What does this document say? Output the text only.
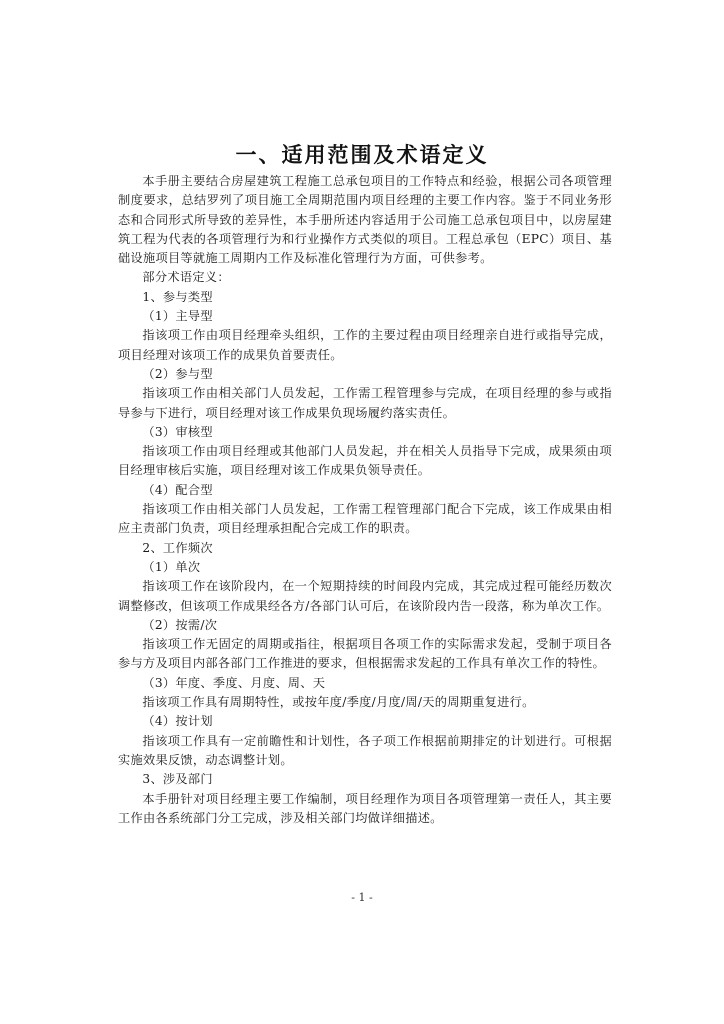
一、适用范围及术语定义

本手册主要结合房屋建筑工程施工总承包项目的工作特点和经验，根据公司各项管理制度要求，总结罗列了项目施工全周期范围内项目经理的主要工作内容。鉴于不同业务形态和合同形式所导致的差异性，本手册所述内容适用于公司施工总承包项目中，以房屋建筑工程为代表的各项管理行为和行业操作方式类似的项目。工程总承包（EPC）项目、基础设施项目等就施工周期内工作及标准化管理行为方面，可供参考。

部分术语定义：

1、参与类型

（1）主导型

指该项工作由项目经理牵头组织，工作的主要过程由项目经理亲自进行或指导完成，项目经理对该项工作的成果负首要责任。

（2）参与型

指该项工作由相关部门人员发起，工作需工程管理参与完成，在项目经理的参与或指导参与下进行，项目经理对该工作成果负现场履约落实责任。

（3）审核型

指该项工作由项目经理或其他部门人员发起，并在相关人员指导下完成，成果须由项目经理审核后实施，项目经理对该工作成果负领导责任。

（4）配合型

指该项工作由相关部门人员发起，工作需工程管理部门配合下完成，该工作成果由相应主责部门负责，项目经理承担配合完成工作的职责。

2、工作频次

（1）单次

指该项工作在该阶段内，在一个短期持续的时间段内完成，其完成过程可能经历数次调整修改，但该项工作成果经各方/各部门认可后，在该阶段内告一段落，称为单次工作。

（2）按需/次

指该项工作无固定的周期或指往，根据项目各项工作的实际需求发起，受制于项目各参与方及项目内部各部门工作推进的要求，但根据需求发起的工作具有单次工作的特性。

（3）年度、季度、月度、周、天

指该项工作具有周期特性，或按年度/季度/月度/周/天的周期重复进行。

（4）按计划

指该项工作具有一定前瞻性和计划性，各子项工作根据前期排定的计划进行。可根据实施效果反馈，动态调整计划。

3、涉及部门

本手册针对项目经理主要工作编制，项目经理作为项目各项管理第一责任人，其主要工作由各系统部门分工完成，涉及相关部门均做详细描述。

- 1 -
